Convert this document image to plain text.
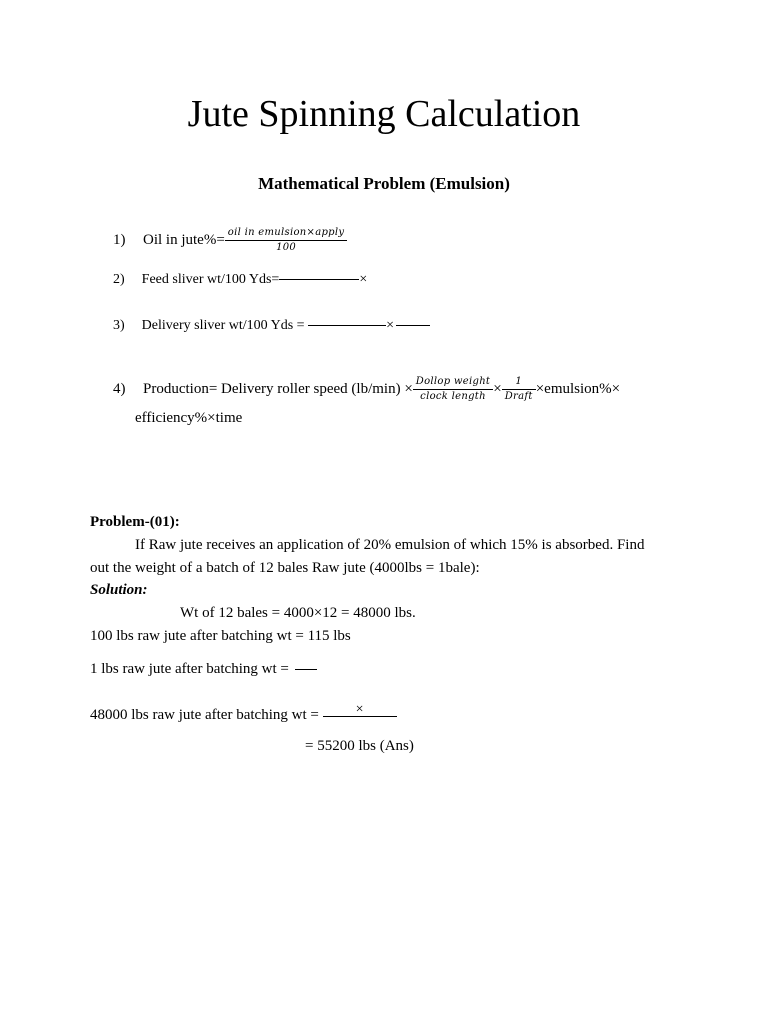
Jute Spinning Calculation
Mathematical Problem (Emulsion)
1) Oil in jute%= $\frac{\text{oil in emulsion×apply}}{100}$
2) Feed sliver wt/100 Yds=	×
3) Delivery sliver wt/100 Yds =	×
4) Production= Delivery roller speed $(lb/\min) \times \frac{\text{Dollop weight}}{\text{clock length}} \times \frac{1}{\text{Draft}}$ ×emulsion%×
efficiency%×time
Problem-(01):
If Raw jute receives an application of 20% emulsion of which 15% is absorbed. Find
out the weight of a batch of 12 bales Raw jute (4000lbs = 1bale):
Solution:
Wt of 12 bales = 4000×12 = 48000 lbs.
100 lbs raw jute after batching wt = 115 lbs
1 lbs raw jute after batching wt =
48000 lbs raw jute after batching wt =	×
= 55200 lbs (Ans)
